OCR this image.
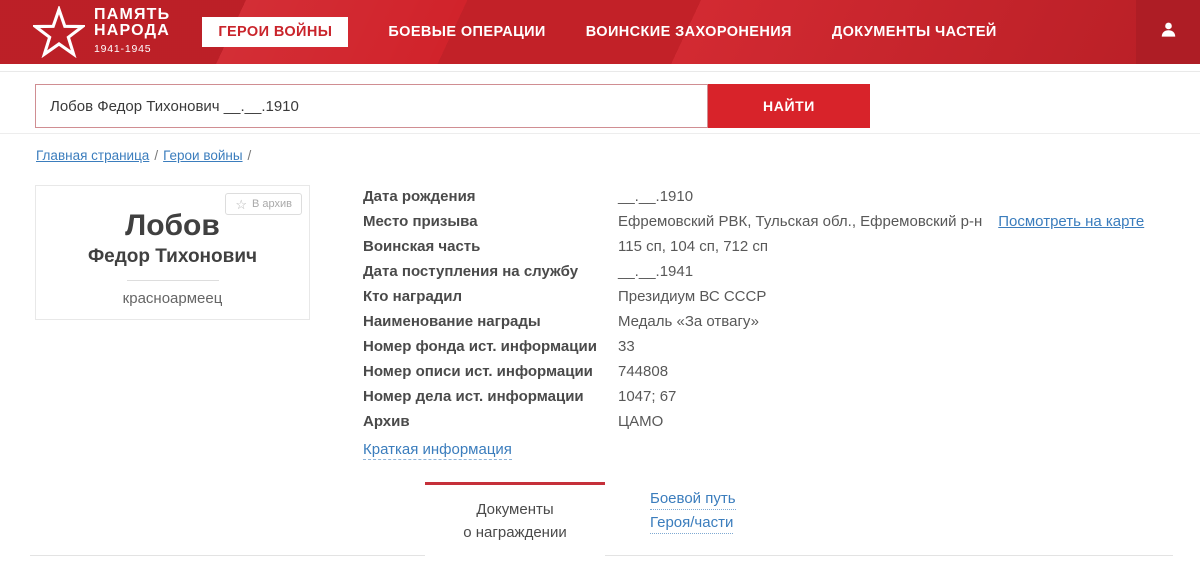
ПАМЯТЬ
НАРОДА
1941-1945
ГЕРОИ ВОЙНЫ	БОЕВЫЕ ОПЕРАЦИИ	ВОИНСКИЕ ЗАХОРОНЕНИЯ	ДОКУМЕНТЫ ЧАСТЕЙ
Лобов Федор Тихонович __.__.1910
НАЙТИ
Главная страница / Герои войны /
☆ В архив
Лобов
Федор Тихонович
красноармеец
Дата рождения	__.__.1910
Место призыва	Ефремовский РВК, Тульская обл., Ефремовский р-н Посмотреть на карте
Воинская часть	115 сп, 104 сп, 712 сп
Дата поступления на службу	__.__.1941
Кто наградил	Президиум ВС СССР
Наименование награды	Медаль «За отвагу»
Номер фонда ист. информации	33
Номер описи ист. информации	744808
Номер дела ист. информации	1047; 67
Архив	ЦАМО
Краткая информация
Документы
о награждении
Боевой путь
Героя/части
